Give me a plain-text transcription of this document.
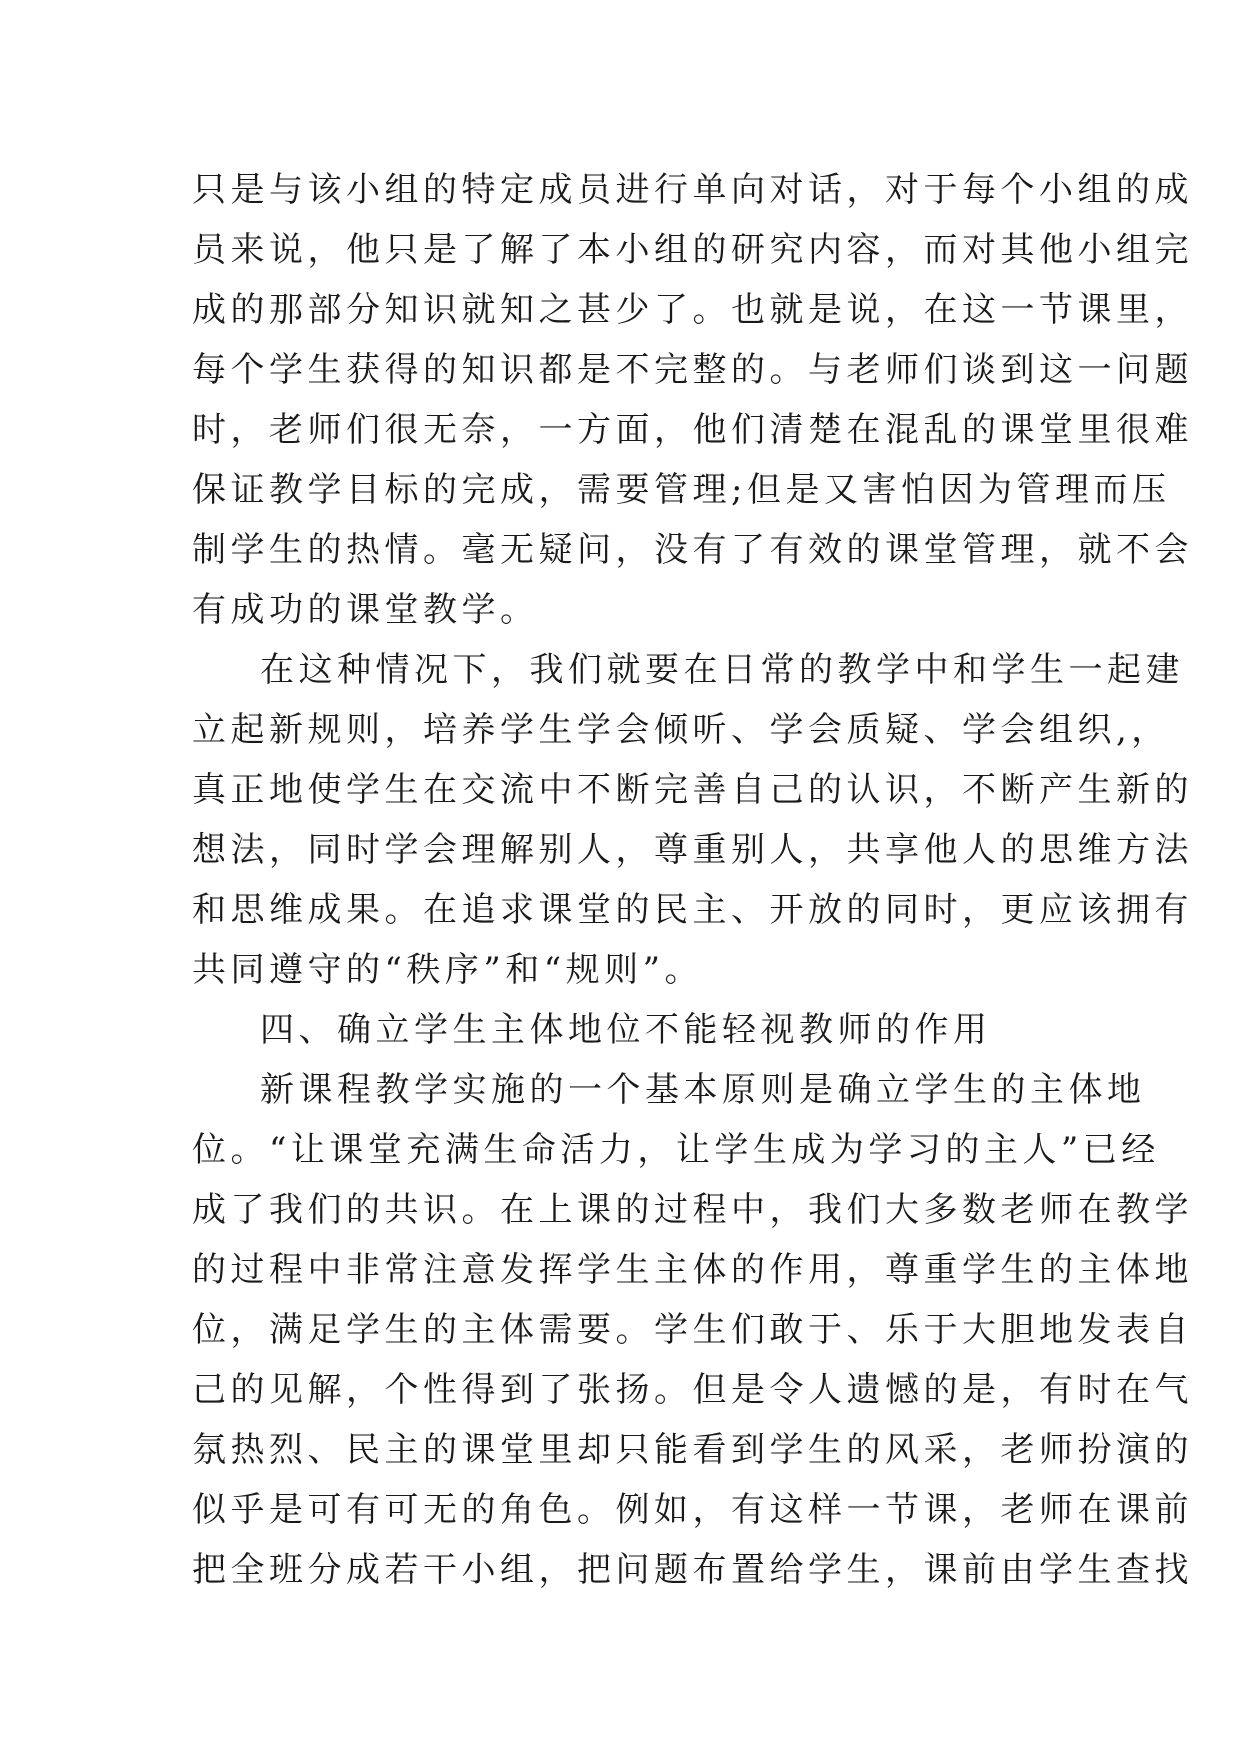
只是与该小组的特定成员进行单向对话，对于每个小组的成
员来说，他只是了解了本小组的研究内容，而对其他小组完
成的那部分知识就知之甚少了。也就是说，在这一节课里，
每个学生获得的知识都是不完整的。与老师们谈到这一问题
时，老师们很无奈，一方面，他们清楚在混乱的课堂里很难
保证教学目标的完成，需要管理;但是又害怕因为管理而压
制学生的热情。毫无疑问，没有了有效的课堂管理，就不会
有成功的课堂教学。
在这种情况下，我们就要在日常的教学中和学生一起建
立起新规则，培养学生学会倾听、学会质疑、学会组织,，
真正地使学生在交流中不断完善自己的认识，不断产生新的
想法，同时学会理解别人，尊重别人，共享他人的思维方法
和思维成果。在追求课堂的民主、开放的同时，更应该拥有
共同遵守的“秩序”和“规则”。
四、确立学生主体地位不能轻视教师的作用
新课程教学实施的一个基本原则是确立学生的主体地
位。“让课堂充满生命活力，让学生成为学习的主人”已经
成了我们的共识。在上课的过程中，我们大多数老师在教学
的过程中非常注意发挥学生主体的作用，尊重学生的主体地
位，满足学生的主体需要。学生们敢于、乐于大胆地发表自
己的见解，个性得到了张扬。但是令人遗憾的是，有时在气
氛热烈、民主的课堂里却只能看到学生的风采，老师扮演的
似乎是可有可无的角色。例如，有这样一节课，老师在课前
把全班分成若干小组，把问题布置给学生，课前由学生查找
